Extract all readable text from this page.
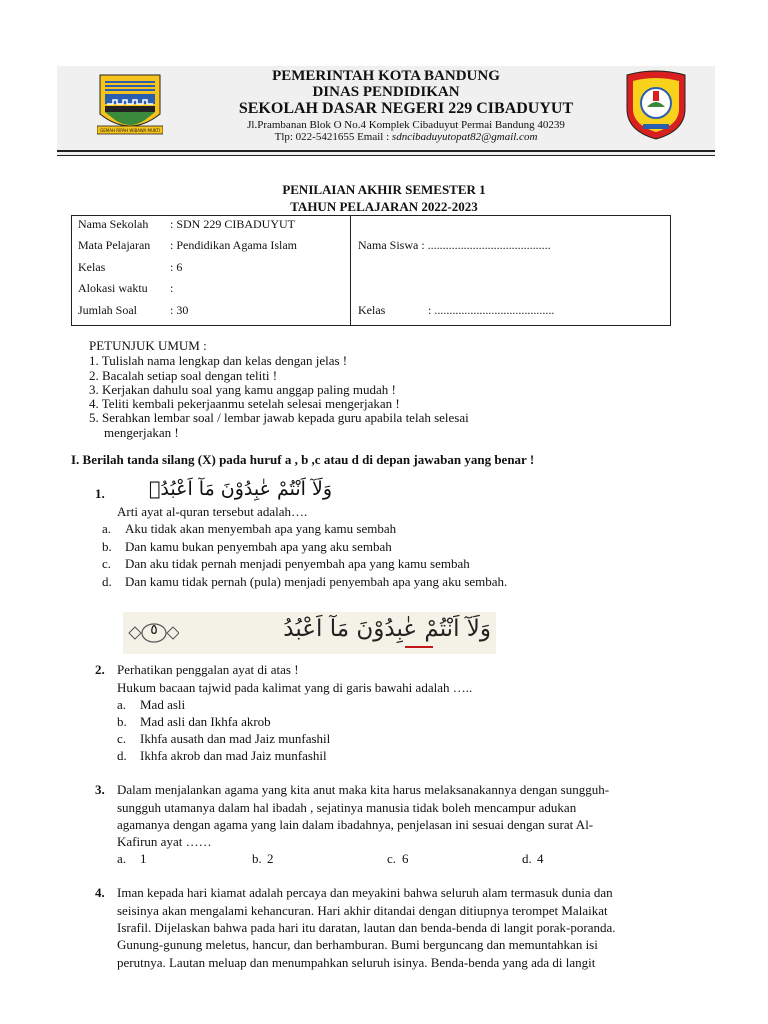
PEMERINTAH KOTA BANDUNG
DINAS PENDIDIKAN
SEKOLAH DASAR NEGERI 229 CIBADUYUT
Jl.Prambanan Blok O No.4 Komplek Cibaduyut Permai Bandung 40239
Tlp: 022-5421655 Email : sdncibaduyutopat82@gmail.com
GEMAH RIPAH WIBAWA MUKTI
PENILAIAN AKHIR SEMESTER 1
TAHUN PELAJARAN 2022-2023
Nama Sekolah : SDN 229 CIBADUYUT
Mata Pelajaran : Pendidikan Agama Islam
Kelas	: 6
Alokasi waktu :
Jumlah Soal	: 30
Nama Siswa : .........................................
Kelas	: ........................................
PETUNJUK UMUM :
1. Tulislah nama lengkap dan kelas dengan jelas !
2. Bacalah setiap soal dengan teliti !
3. Kerjakan dahulu soal yang kamu anggap paling mudah !
4. Teliti kembali pekerjaanmu setelah selesai mengerjakan !
5. Serahkan lembar soal / lembar jawab kepada guru apabila telah selesai
mengerjakan !
I. Berilah tanda silang (X) pada huruf a , b ,c atau d di depan jawaban yang benar !
1.	وَلَآ اَنْتُمْ عٰبِدُوْنَ مَآ اَعْبُدُۗ
Arti ayat al-quran tersebut adalah….
a. Aku tidak akan menyembah apa yang kamu sembah
b. Dan kamu bukan penyembah apa yang aku sembah
c. Dan aku tidak pernah menjadi penyembah apa yang kamu sembah
d. Dan kamu tidak pernah (pula) menjadi penyembah apa yang aku sembah.
٥	وَلَآ اَنْتُمْ عٰبِدُوْنَ مَآ اَعْبُدُ
2. Perhatikan penggalan ayat di atas !
Hukum bacaan tajwid pada kalimat yang di garis bawahi adalah …..
a. Mad asli
b. Mad asli dan Ikhfa akrob
c. Ikhfa ausath dan mad Jaiz munfashil
d. Ikhfa akrob dan mad Jaiz munfashil
3. Dalam menjalankan agama yang kita anut maka kita harus melaksanakannya dengan sungguh-
sungguh utamanya dalam hal ibadah , sejatinya manusia tidak boleh mencampur adukan
agamanya dengan agama yang lain dalam ibadahnya, penjelasan ini sesuai dengan surat Al-
Kafirun ayat ……
a. 1	b. 2	c. 6	d. 4
4. Iman kepada hari kiamat adalah percaya dan meyakini bahwa seluruh alam termasuk dunia dan
seisinya akan mengalami kehancuran. Hari akhir ditandai dengan ditiupnya terompet Malaikat
Israfil. Dijelaskan bahwa pada hari itu daratan, lautan dan benda-benda di langit porak-poranda.
Gunung-gunung meletus, hancur, dan berhamburan. Bumi berguncang dan memuntahkan isi
perutnya. Lautan meluap dan menumpahkan seluruh isinya. Benda-benda yang ada di langit
